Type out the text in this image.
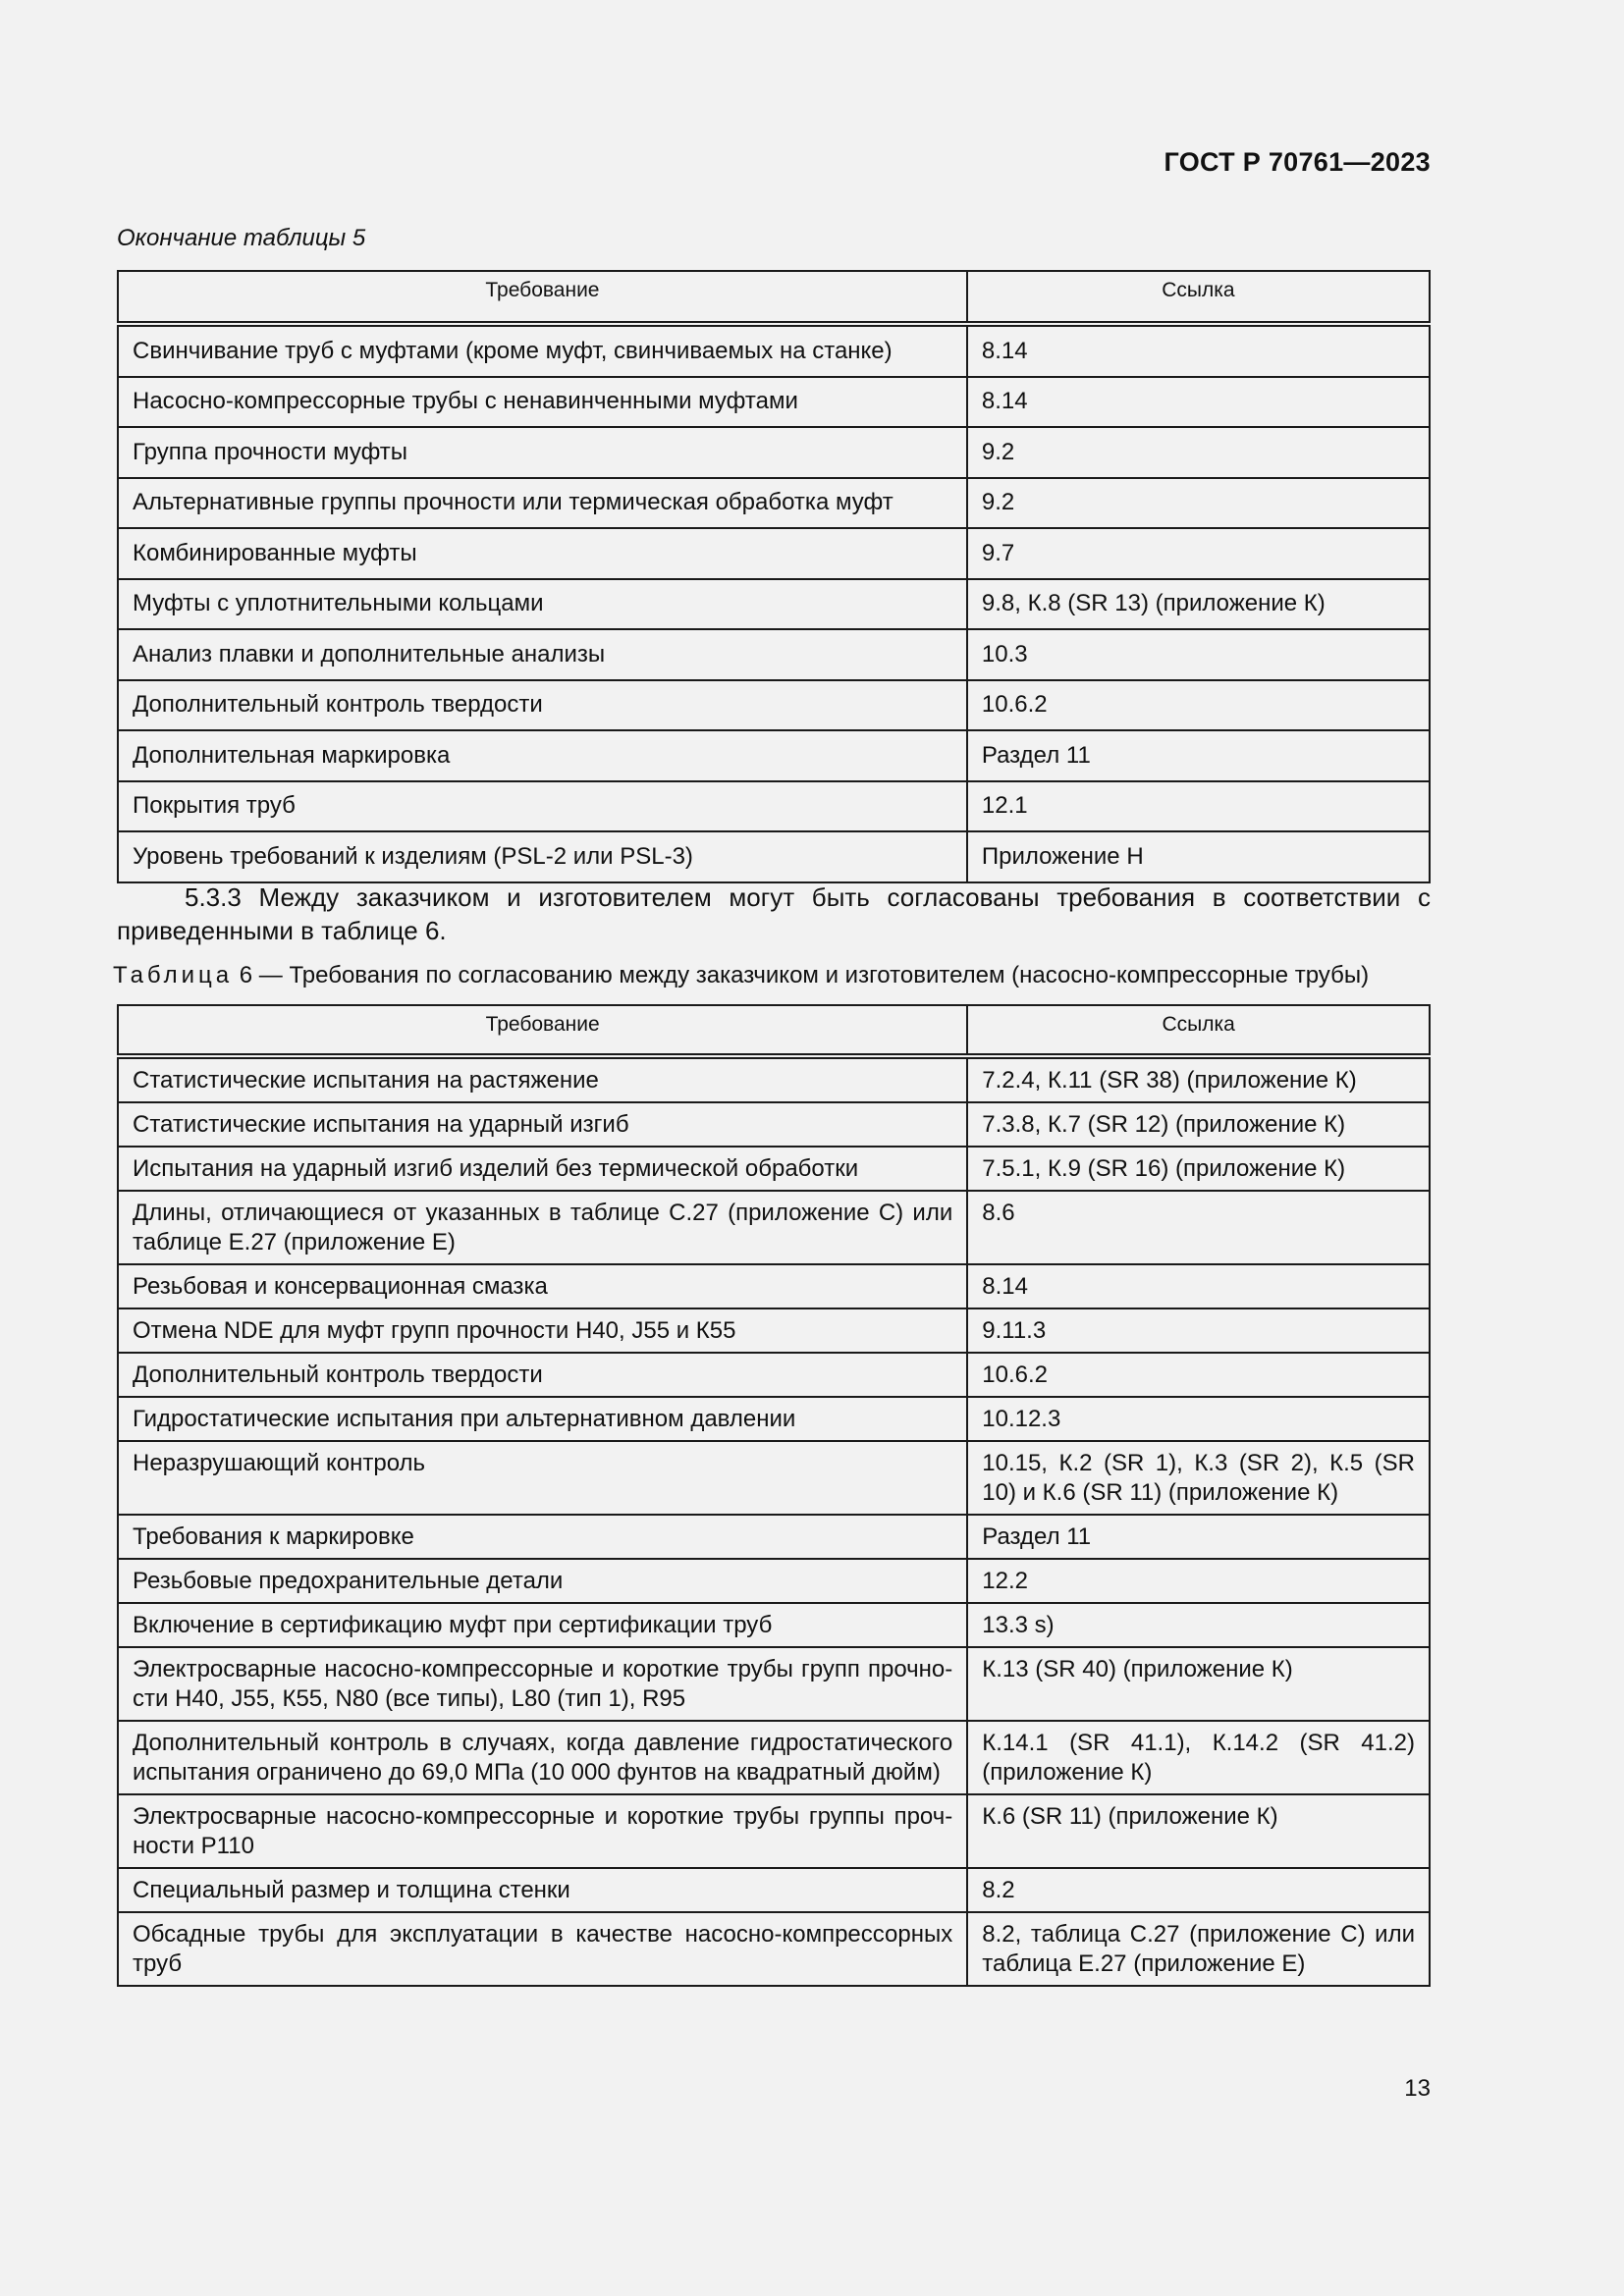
ГОСТ Р 70761—2023
Окончание таблицы 5
Требование	Ссылка
Свинчивание труб с муфтами (кроме муфт, свинчиваемых на станке)	8.14
Насосно-компрессорные трубы с ненавинченными муфтами	8.14
Группа прочности муфты	9.2
Альтернативные группы прочности или термическая обработка муфт	9.2
Комбинированные муфты	9.7
Муфты с уплотнительными кольцами	9.8, К.8 (SR 13) (приложение К)
Анализ плавки и дополнительные анализы	10.3
Дополнительный контроль твердости	10.6.2
Дополнительная маркировка	Раздел 11
Покрытия труб	12.1
Уровень требований к изделиям (PSL-2 или PSL-3)	Приложение Н
5.3.3 Между заказчиком и изготовителем могут быть согласованы требования в соответствии с приведенными в таблице 6.
Таблица 6 — Требования по согласованию между заказчиком и изготовителем (насосно-компрессорные трубы)
Требование	Ссылка
Статистические испытания на растяжение	7.2.4, К.11 (SR 38) (приложение К)
Статистические испытания на ударный изгиб	7.3.8, К.7 (SR 12) (приложение К)
Испытания на ударный изгиб изделий без термической обработки	7.5.1, К.9 (SR 16) (приложение К)
Длины, отличающиеся от указанных в таблице С.27 (приложение С) или таблице Е.27 (приложение Е)	8.6
Резьбовая и консервационная смазка	8.14
Отмена NDE для муфт групп прочности Н40, J55 и К55	9.11.3
Дополнительный контроль твердости	10.6.2
Гидростатические испытания при альтернативном давлении	10.12.3
Неразрушающий контроль	10.15, К.2 (SR 1), К.3 (SR 2), К.5 (SR 10) и К.6 (SR 11) (приложение К)
Требования к маркировке	Раздел 11
Резьбовые предохранительные детали	12.2
Включение в сертификацию муфт при сертификации труб	13.3 s)
Электросварные насосно-компрессорные и короткие трубы групп прочности Н40, J55, К55, N80 (все типы), L80 (тип 1), R95	К.13 (SR 40) (приложение К)
Дополнительный контроль в случаях, когда давление гидростатического испытания ограничено до 69,0 МПа (10 000 фунтов на квадратный дюйм)	К.14.1 (SR 41.1), К.14.2 (SR 41.2) (приложение К)
Электросварные насосно-компрессорные и короткие трубы группы прочности Р110	К.6 (SR 11) (приложение К)
Специальный размер и толщина стенки	8.2
Обсадные трубы для эксплуатации в качестве насосно-компрессорных труб	8.2, таблица С.27 (приложение С) или таблица Е.27 (приложение Е)
13
